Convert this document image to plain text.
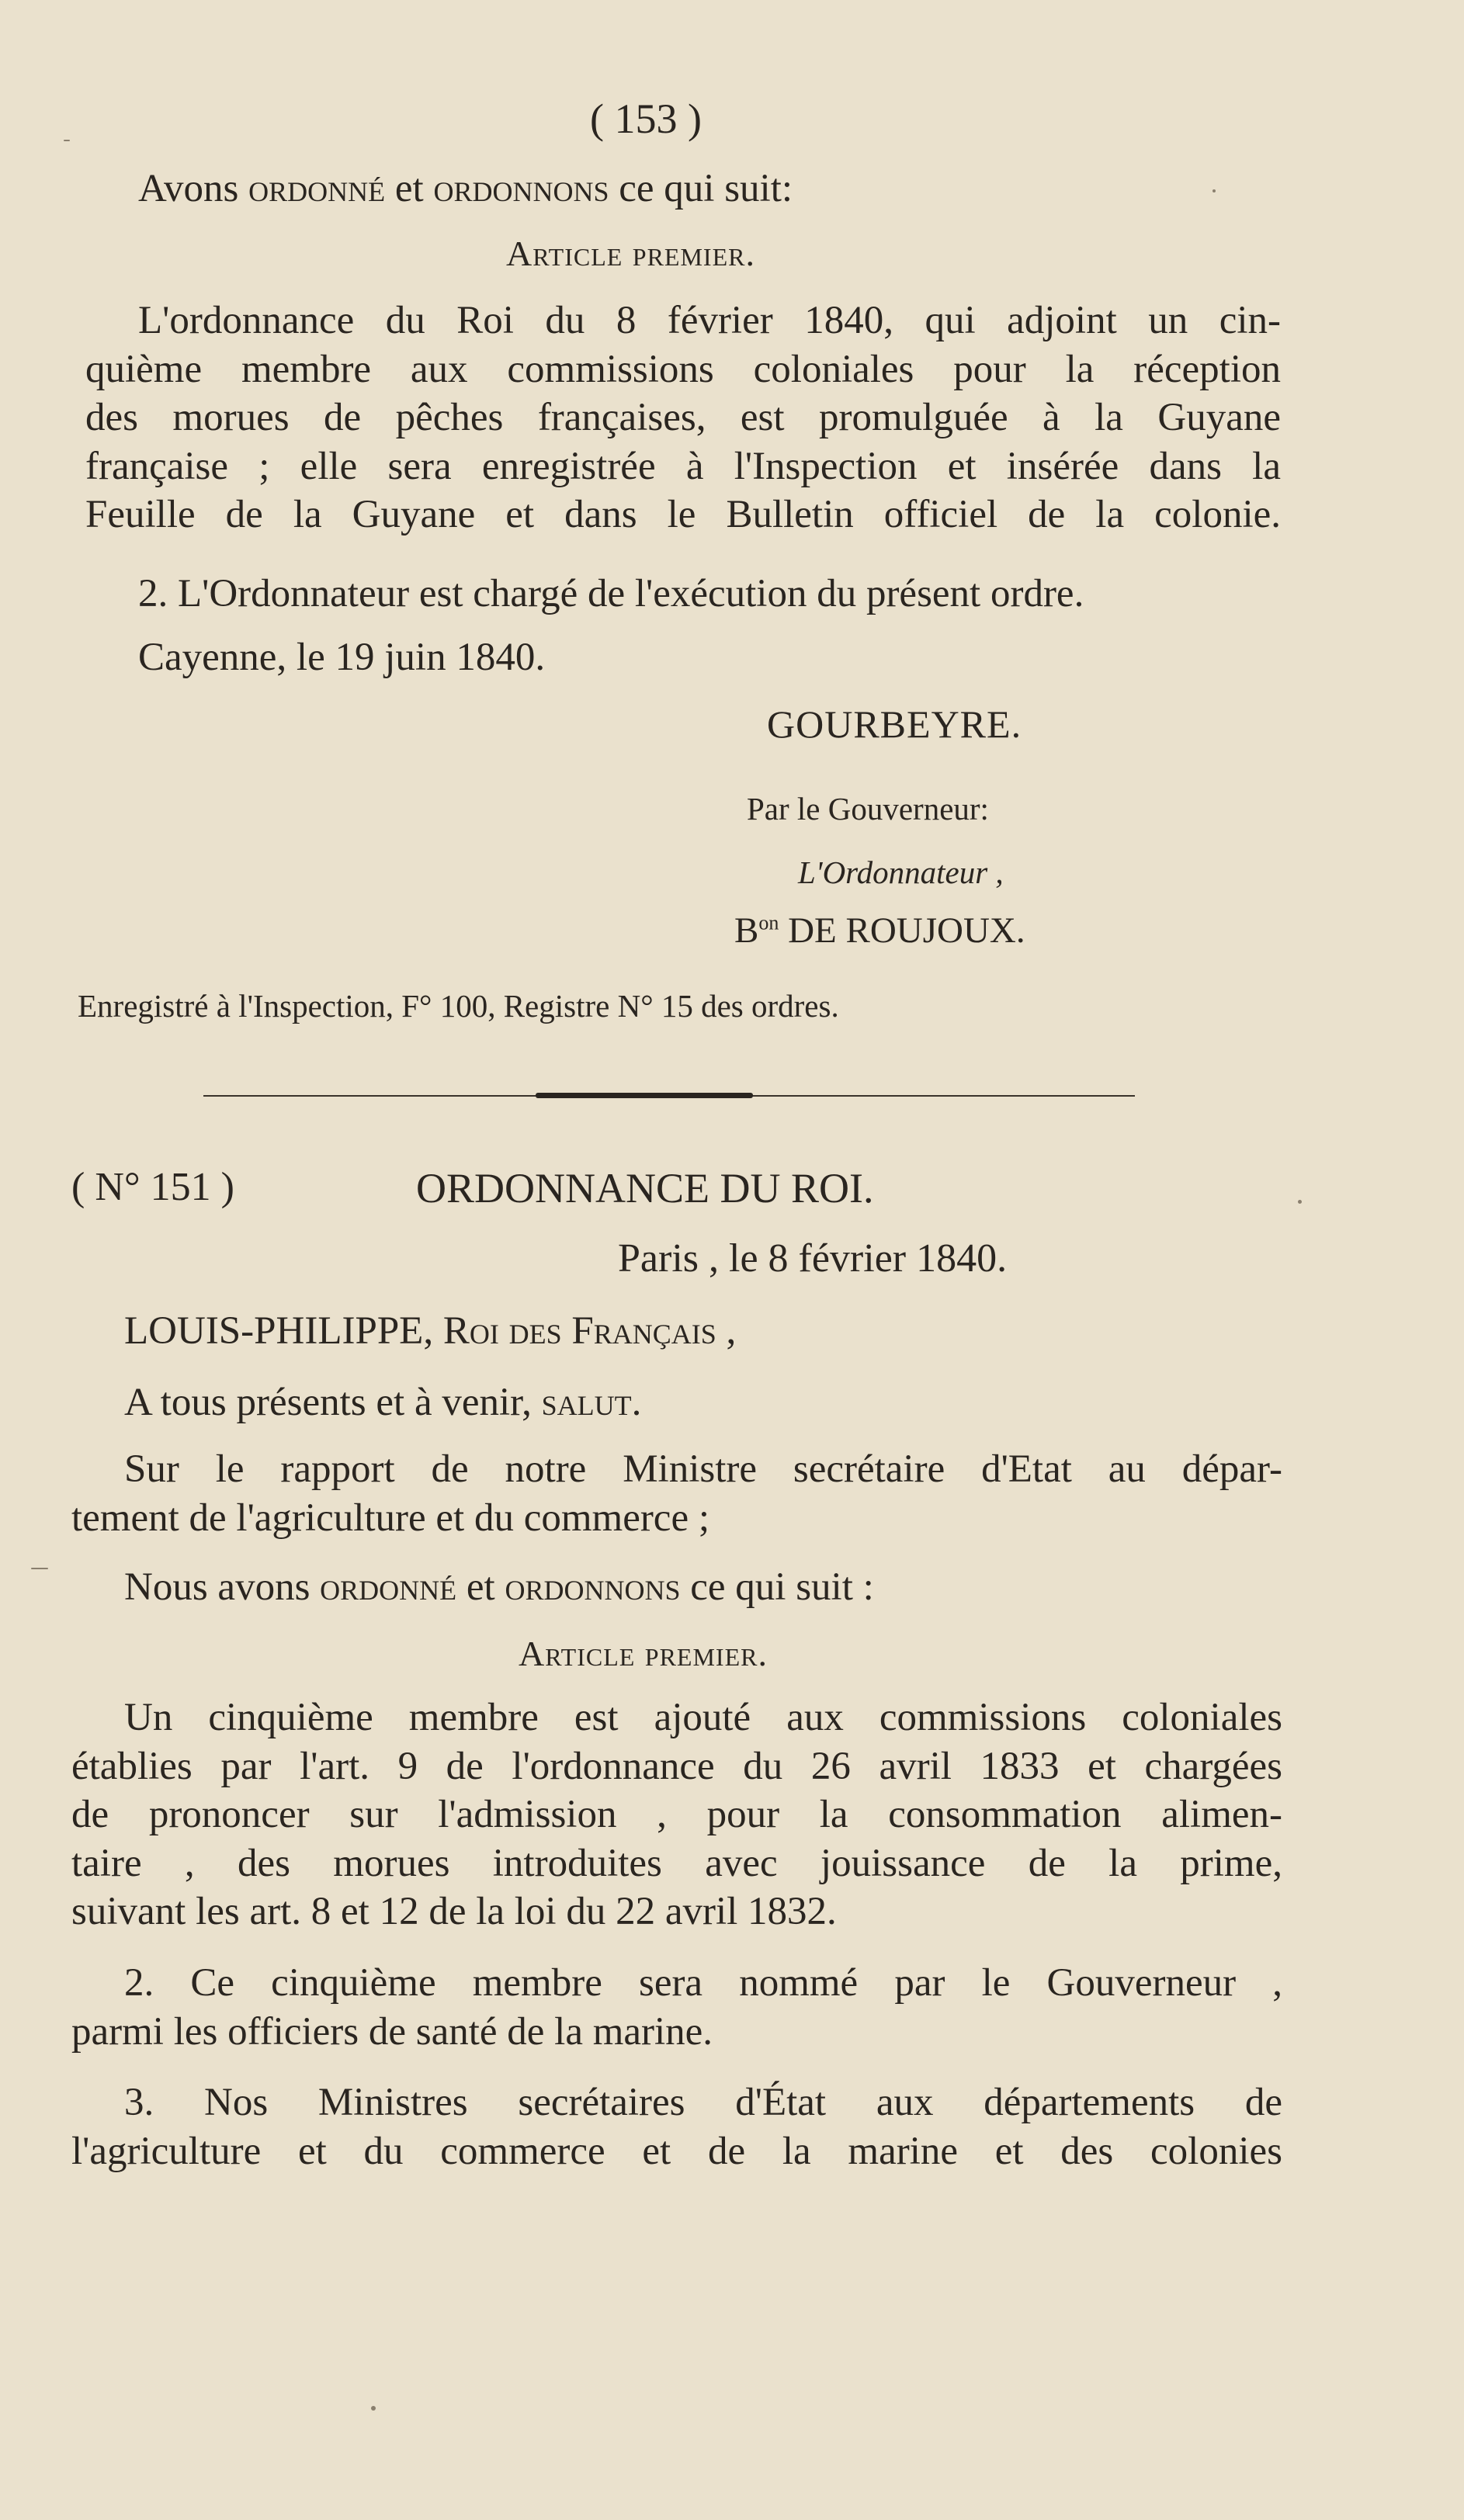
( 153 )
Avons ordonné et ordonnons ce qui suit:
Article premier.
L'ordonnance du Roi du 8 février 1840, qui adjoint un cin-
quième membre aux commissions coloniales pour la réception
des morues de pêches françaises, est promulguée à la Guyane
française ; elle sera enregistrée à l'Inspection et insérée dans la
Feuille de la Guyane et dans le Bulletin officiel de la colonie.
2. L'Ordonnateur est chargé de l'exécution du présent ordre.
Cayenne, le 19 juin 1840.
GOURBEYRE.
Par le Gouverneur:
L'Ordonnateur ,
$B^{on}$ DE ROUJOUX.
Enregistré à l'Inspection, F° 100, Registre N° 15 des ordres.
( N° 151 )	ORDONNANCE DU ROI.
Paris , le 8 février 1840.
LOUIS-PHILIPPE, Roi des Français ,
A tous présents et à venir, salut.
Sur le rapport de notre Ministre secrétaire d'Etat au dépar-
tement de l'agriculture et du commerce ;
Nous avons ordonné et ordonnons ce qui suit :
Article premier.
Un cinquième membre est ajouté aux commissions coloniales
établies par l'art. 9 de l'ordonnance du 26 avril 1833 et chargées
de prononcer sur l'admission , pour la consommation alimen-
taire , des morues introduites avec jouissance de la prime,
suivant les art. 8 et 12 de la loi du 22 avril 1832.
2. Ce cinquième membre sera nommé par le Gouverneur ,
parmi les officiers de santé de la marine.
3. Nos Ministres secrétaires d'État aux départements de
l'agriculture et du commerce et de la marine et des colonies
